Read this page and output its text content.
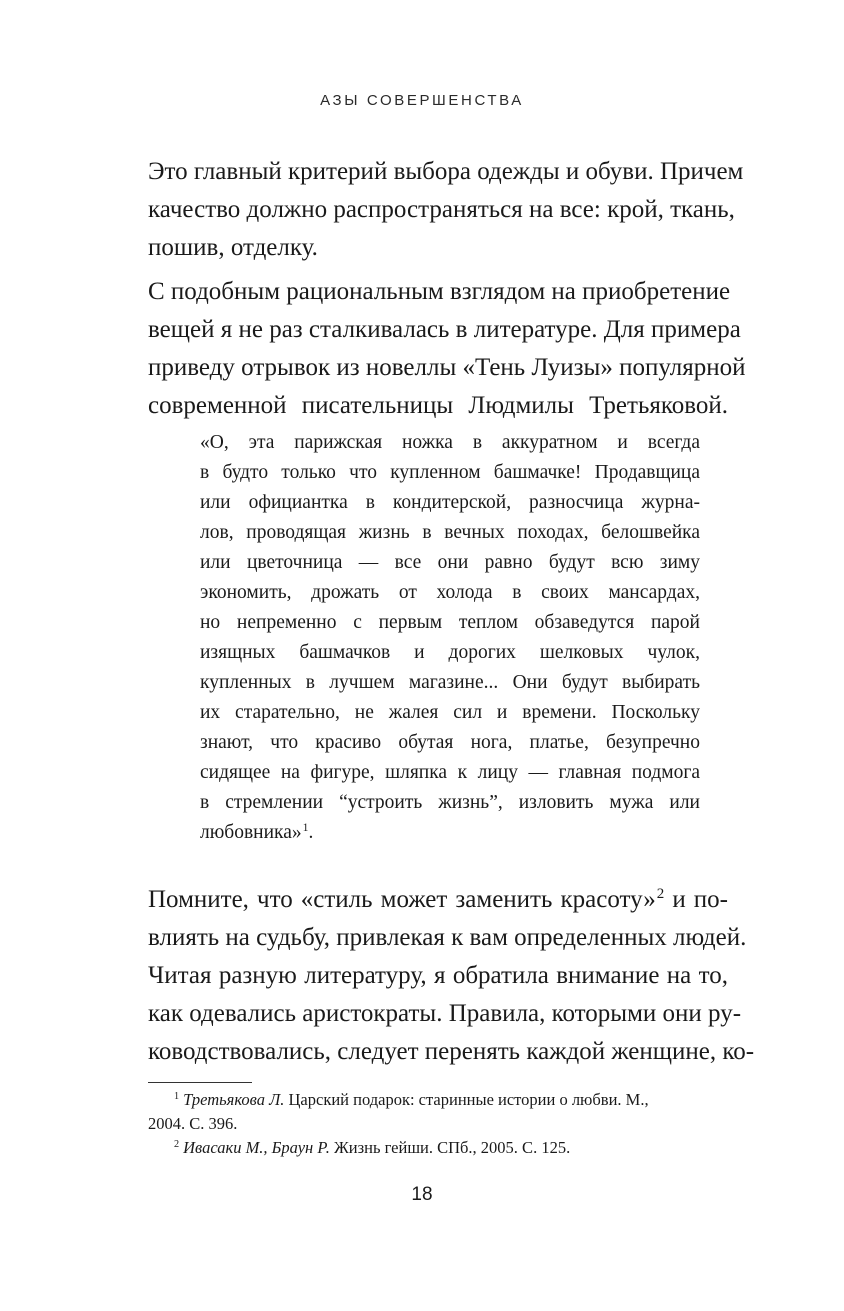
АЗЫ СОВЕРШЕНСТВА
Это главный критерий выбора одежды и обуви. Причем
качество должно распространяться на все: крой, ткань,
пошив, отделку.
С подобным рациональным взглядом на приобретение
вещей я не раз сталкивалась в литературе. Для примера
приведу отрывок из новеллы «Тень Луизы» популярной
современной писательницы Людмилы Третьяковой.
«О, эта парижская ножка в аккуратном и всегда
в будто только что купленном башмачке! Продавщица
или официантка в кондитерской, разносчица журна-
лов, проводящая жизнь в вечных походах, белошвейка
или цветочница — все они равно будут всю зиму
экономить, дрожать от холода в своих мансардах,
но непременно с первым теплом обзаведутся парой
изящных башмачков и дорогих шелковых чулок,
купленных в лучшем магазине... Они будут выбирать
их старательно, не жалея сил и времени. Поскольку
знают, что красиво обутая нога, платье, безупречно
сидящее на фигуре, шляпка к лицу — главная подмога
в стремлении “устроить жизнь”, изловить мужа или
любовника»$^1$.
Помните, что «стиль может заменить красоту»$^2$ и по-
влиять на судьбу, привлекая к вам определенных людей.
Читая разную литературу, я обратила внимание на то,
как одевались аристократы. Правила, которыми они ру-
ководствовались, следует перенять каждой женщине, ко-
$^1$ Третьякова Л. Царский подарок: старинные истории о любви. М.,
2004. С. 396.
$^2$ Ивасаки М., Браун Р. Жизнь гейши. СПб., 2005. С. 125.
18
